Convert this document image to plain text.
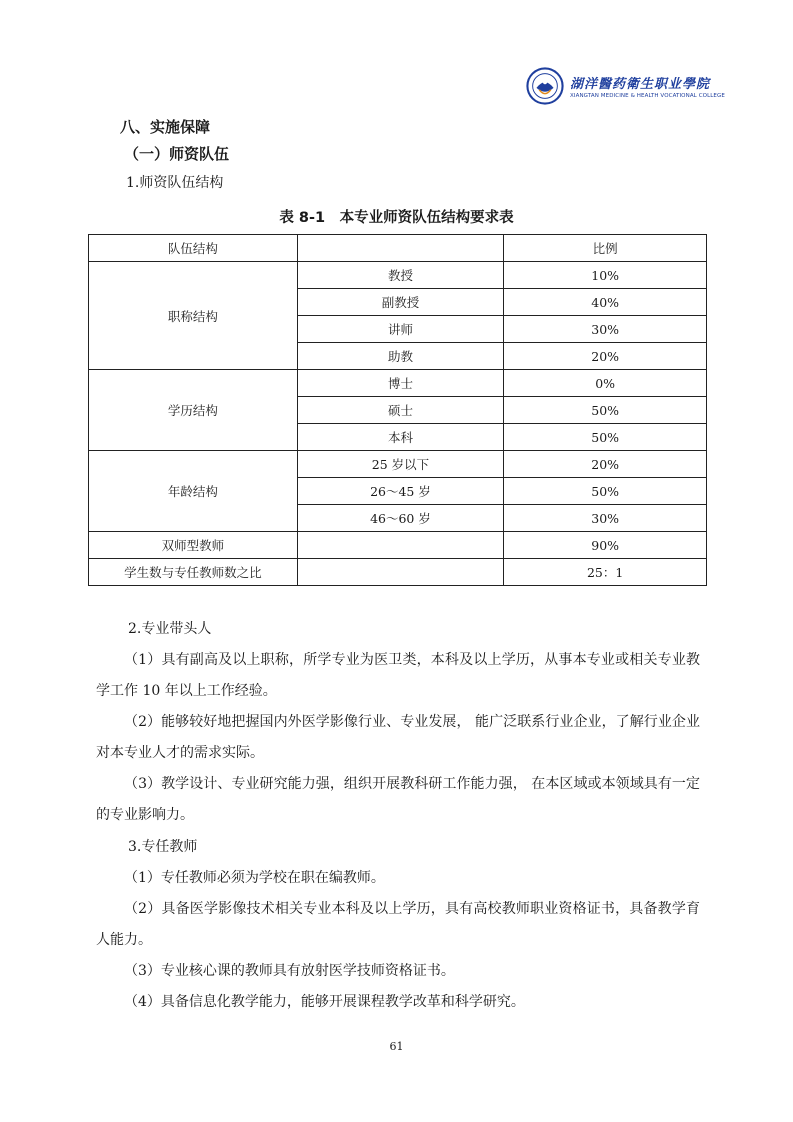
湖洋醫药衛生职业學院
XIANGTAN MEDICINE & HEALTH VOCATIONAL COLLEGE
八、实施保障
（一）师资队伍
1.师资队伍结构
表 8-1　本专业师资队伍结构要求表
队伍结构		比例
职称结构	教授	10%
	副教授	40%
	讲师	30%
	助教	20%
学历结构	博士	0%
	硕士	50%
	本科	50%
年龄结构	25 岁以下	20%
	26～45 岁	50%
	46～60 岁	30%
双师型教师		90%
学生数与专任教师数之比		25：1

2.专业带头人

（1）具有副高及以上职称，所学专业为医卫类，本科及以上学历，从事本专业或相关专业教学工作 10 年以上工作经验。

（2）能够较好地把握国内外医学影像行业、专业发展， 能广泛联系行业企业，了解行业企业对本专业人才的需求实际。

（3）教学设计、专业研究能力强，组织开展教科研工作能力强， 在本区域或本领域具有一定的专业影响力。

3.专任教师

（1）专任教师必须为学校在职在编教师。

（2）具备医学影像技术相关专业本科及以上学历，具有高校教师职业资格证书，具备教学育人能力。

（3）专业核心课的教师具有放射医学技师资格证书。

（4）具备信息化教学能力，能够开展课程教学改革和科学研究。

61
